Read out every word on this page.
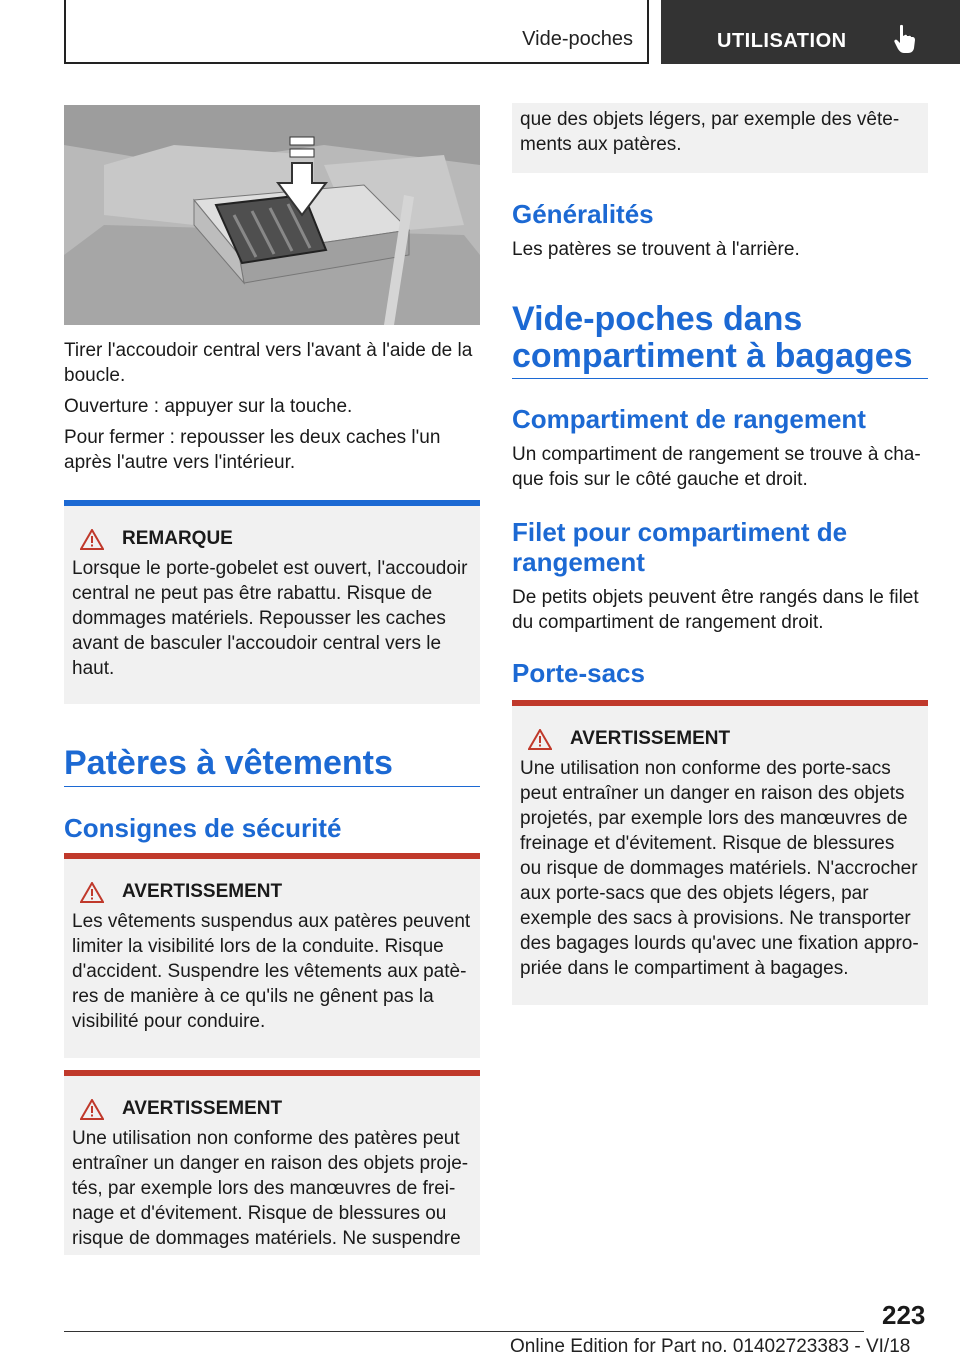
Vide-poches	UTILISATION

Tirer l'accoudoir central vers l'avant à l'aide de la boucle.

Ouverture : appuyer sur la touche.

Pour fermer : repousser les deux caches l'un après l'autre vers l'intérieur.

REMARQUE
Lorsque le porte-gobelet est ouvert, l'accoudoir central ne peut pas être rabattu. Risque de dommages matériels. Repousser les caches avant de basculer l'accoudoir central vers le haut.
Patères à vêtements
Consignes de sécurité
AVERTISSEMENT
Les vêtements suspendus aux patères peuvent limiter la visibilité lors de la conduite. Risque d'accident. Suspendre les vêtements aux patères de manière à ce qu'ils ne gênent pas la visibilité pour conduire.
AVERTISSEMENT
Une utilisation non conforme des patères peut entraîner un danger en raison des objets projetés, par exemple lors des manœuvres de freinage et d'évitement. Risque de blessures ou risque de dommages matériels. Ne suspendre
que des objets légers, par exemple des vêtements aux patères.
Généralités
Les patères se trouvent à l'arrière.
Vide-poches dans compartiment à bagages
Compartiment de rangement
Un compartiment de rangement se trouve à chaque fois sur le côté gauche et droit.
Filet pour compartiment de rangement
De petits objets peuvent être rangés dans le filet du compartiment de rangement droit.
Porte-sacs
AVERTISSEMENT
Une utilisation non conforme des porte-sacs peut entraîner un danger en raison des objets projetés, par exemple lors des manœuvres de freinage et d'évitement. Risque de blessures ou risque de dommages matériels. N'accrocher aux porte-sacs que des objets légers, par exemple des sacs à provisions. Ne transporter des bagages lourds qu'avec une fixation appropriée dans le compartiment à bagages.
223
Online Edition for Part no. 01402723383 - VI/18
